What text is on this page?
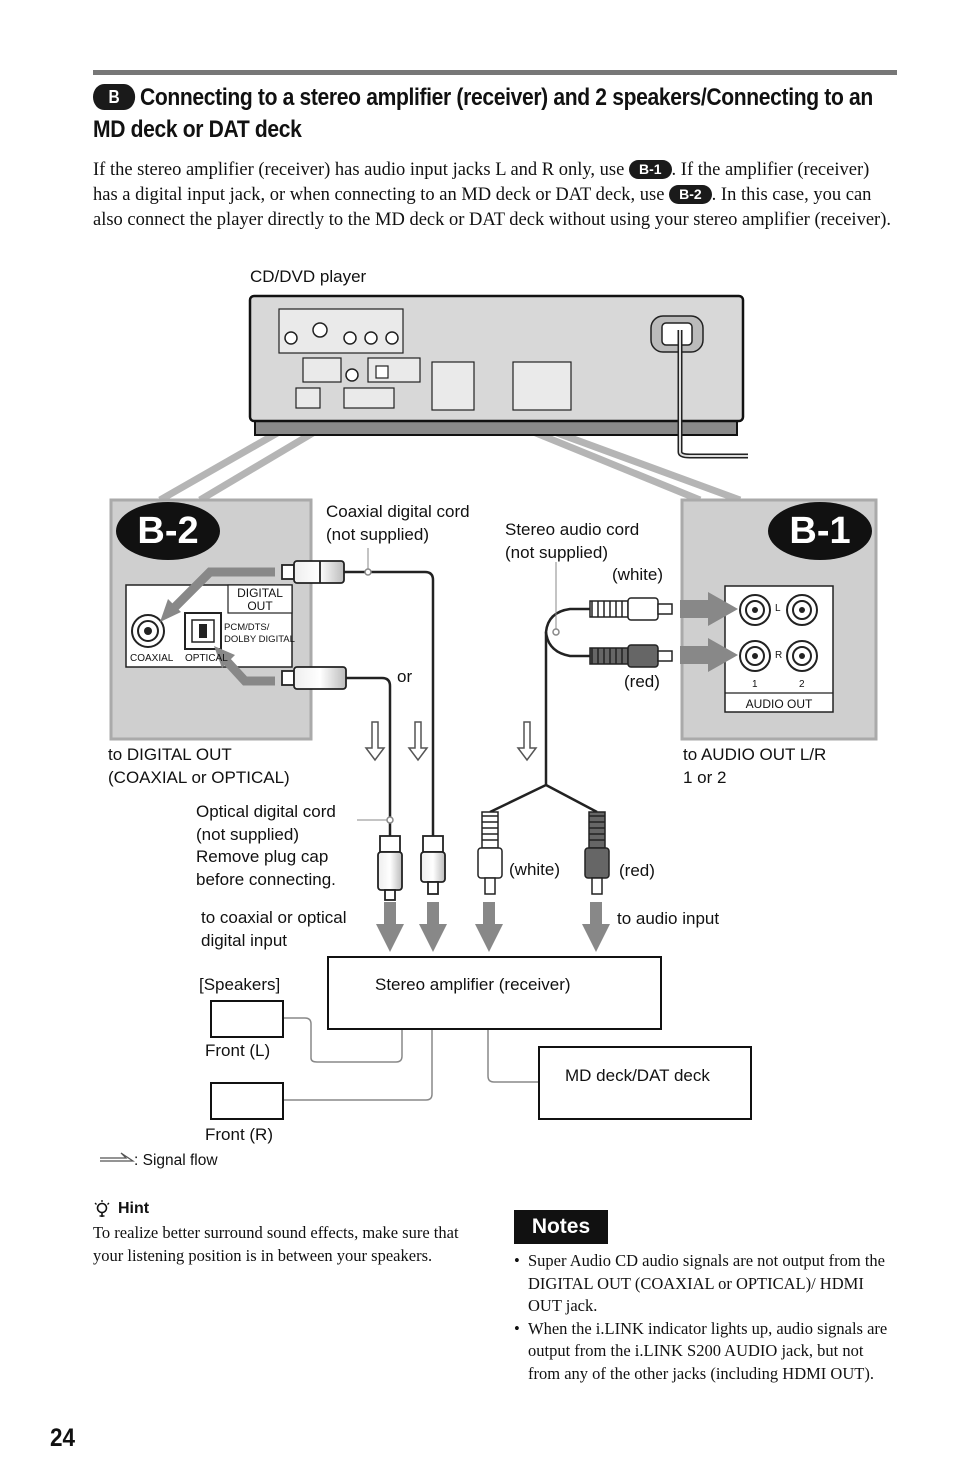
B Connecting to a stereo amplifier (receiver) and 2 speakers/Connecting to an MD deck or DAT deck
If the stereo amplifier (receiver) has audio input jacks L and R only, use B-1 . If the amplifier (receiver) has a digital input jack, or when connecting to an MD deck or DAT deck, use B-2 . In this case, you can also connect the player directly to the MD deck or DAT deck without using your stereo amplifier (receiver).
B-2	B-1
DIGITAL
OUT
PCM/DTS/
DOLBY DIGITAL
COAXIAL OPTICAL
AUDIO OUT
L
R
1	2
CD/DVD player
Coaxial digital cord
(not supplied)	Stereo audio cord
(not supplied)
(white)
(red)
or
to DIGITAL OUT
(COAXIAL or OPTICAL)
to AUDIO OUT L/R
1 or 2
Optical digital cord
(not supplied)
Remove plug cap
before connecting.	(white)	(red)
to coaxial or optical
digital input
to audio input
[Speakers]	Stereo amplifier (receiver)
Front (L)
MD deck/DAT deck
Front (R)
: Signal flow
Hint
To realize better surround sound effects, make sure that your listening position is in between your speakers.
Notes
• Super Audio CD audio signals are not output from the DIGITAL OUT (COAXIAL or OPTICAL)/ HDMI OUT jack.
• When the i.LINK indicator lights up, audio signals are output from the i.LINK S200 AUDIO jack, but not from any of the other jacks (including HDMI OUT).
24
